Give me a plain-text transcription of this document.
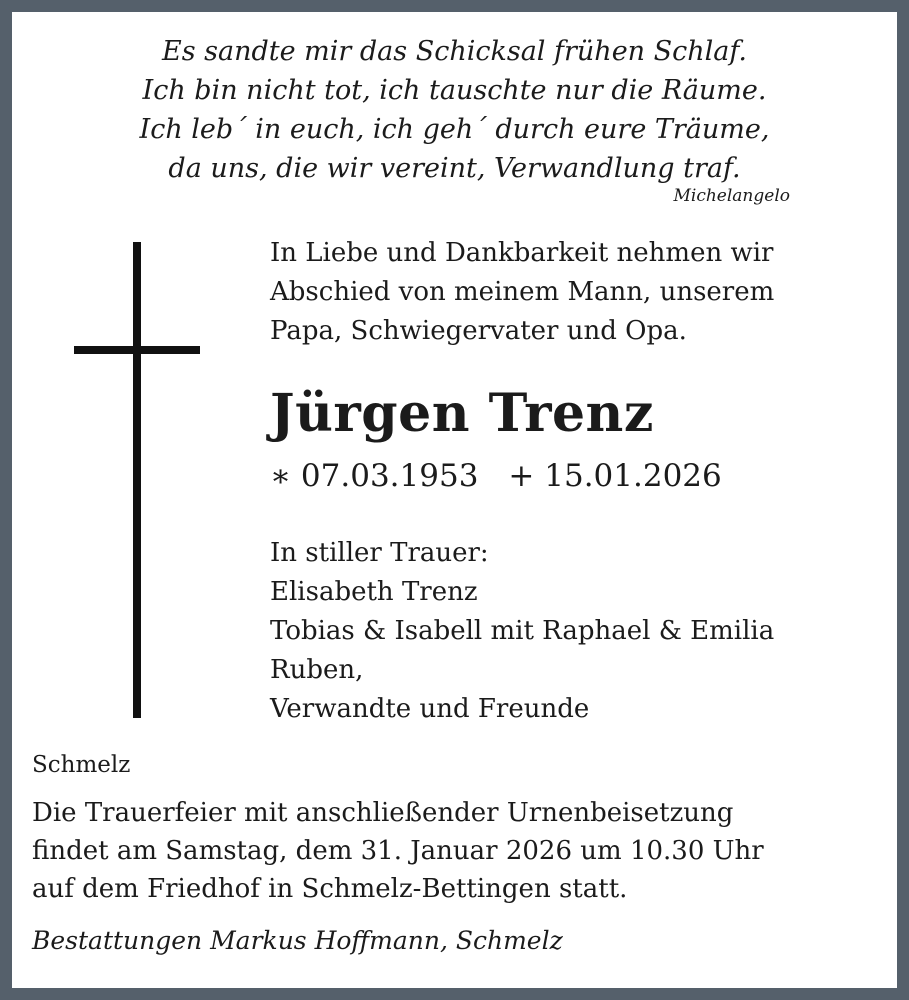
Es sandte mir das Schicksal frühen Schlaf.
Ich bin nicht tot, ich tauschte nur die Räume.
Ich leb´ in euch, ich geh´ durch eure Träume,
da uns, die wir vereint, Verwandlung traf.
Michelangelo
In Liebe und Dankbarkeit nehmen wir
Abschied von meinem Mann, unserem
Papa, Schwiegervater und Opa.
Jürgen Trenz
∗ 07.03.1953 + 15.01.2026
In stiller Trauer:
Elisabeth Trenz
Tobias & Isabell mit Raphael & Emilia
Ruben,
Verwandte und Freunde
Schmelz
Die Trauerfeier mit anschließender Urnenbeisetzung
findet am Samstag, dem 31. Januar 2026 um 10.30 Uhr
auf dem Friedhof in Schmelz-Bettingen statt.
Bestattungen Markus Hoffmann, Schmelz
